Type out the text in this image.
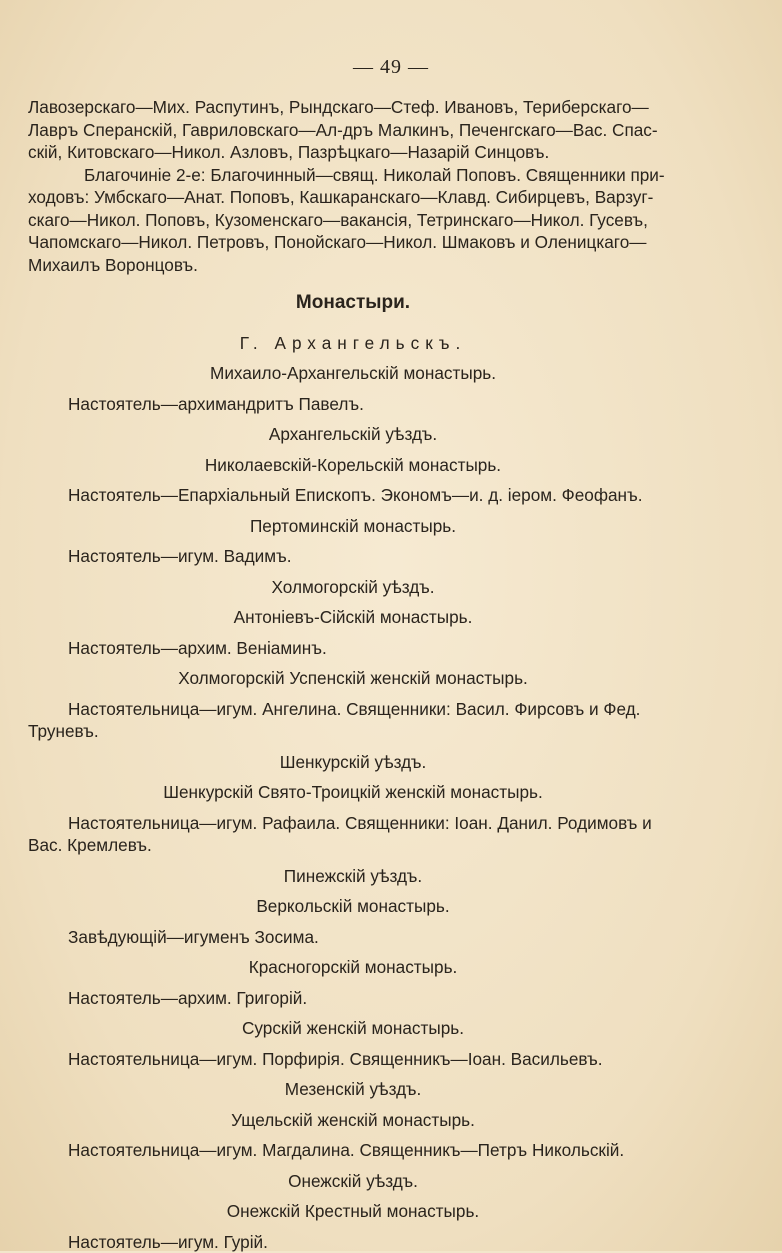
— 49 —

Лавозерскаго—Мих. Распутинъ, Рындскаго—Стеф. Ивановъ, Териберскаго—

Лавръ Сперанскій, Гавриловскаго—Ал-дръ Малкинъ, Печенгскаго—Вас. Спас-

скій, Китовскаго—Никол. Азловъ, Пазрѣцкаго—Назарій Синцовъ.

Благочиніе 2-е: Благочинный—свящ. Николай Поповъ. Священники при-

ходовъ: Умбскаго—Анат. Поповъ, Кашкаранскаго—Клавд. Сибирцевъ, Варзуг-

скаго—Никол. Поповъ, Кузоменскаго—вакансія, Тетринскаго—Никол. Гусевъ,

Чапомскаго—Никол. Петровъ, Понойскаго—Никол. Шмаковъ и Оленицкаго—

Михаилъ Воронцовъ.

Монастыри.

Г. Архангельскъ.

Михаило-Архангельскій монастырь.

Настоятель—архимандритъ Павелъ.

Архангельскій уѣздъ.

Николаевскій-Корельскій монастырь.

Настоятель—Епархіальный Епископъ. Экономъ—и. д. іером. Феофанъ.

Пертоминскій монастырь.

Настоятель—игум. Вадимъ.

Холмогорскій уѣздъ.

Антоніевъ-Сійскій монастырь.

Настоятель—архим. Веніаминъ.

Холмогорскій Успенскій женскій монастырь.

Настоятельница—игум. Ангелина. Священники: Васил. Фирсовъ и Фед.

Труневъ.

Шенкурскій уѣздъ.

Шенкурскій Свято-Троицкій женскій монастырь.

Настоятельница—игум. Рафаила. Священники: Іоан. Данил. Родимовъ и

Вас. Кремлевъ.

Пинежскій уѣздъ.

Веркольскій монастырь.

Завѣдующій—игуменъ Зосима.

Красногорскій монастырь.

Настоятель—архим. Григорій.

Сурскій женскій монастырь.

Настоятельница—игум. Порфирія. Священникъ—Іоан. Васильевъ.

Мезенскій уѣздъ.

Ущельскій женскій монастырь.

Настоятельница—игум. Магдалина. Священникъ—Петръ Никольскій.

Онежскій уѣздъ.

Онежскій Крестный монастырь.

Настоятель—игум. Гурій.
